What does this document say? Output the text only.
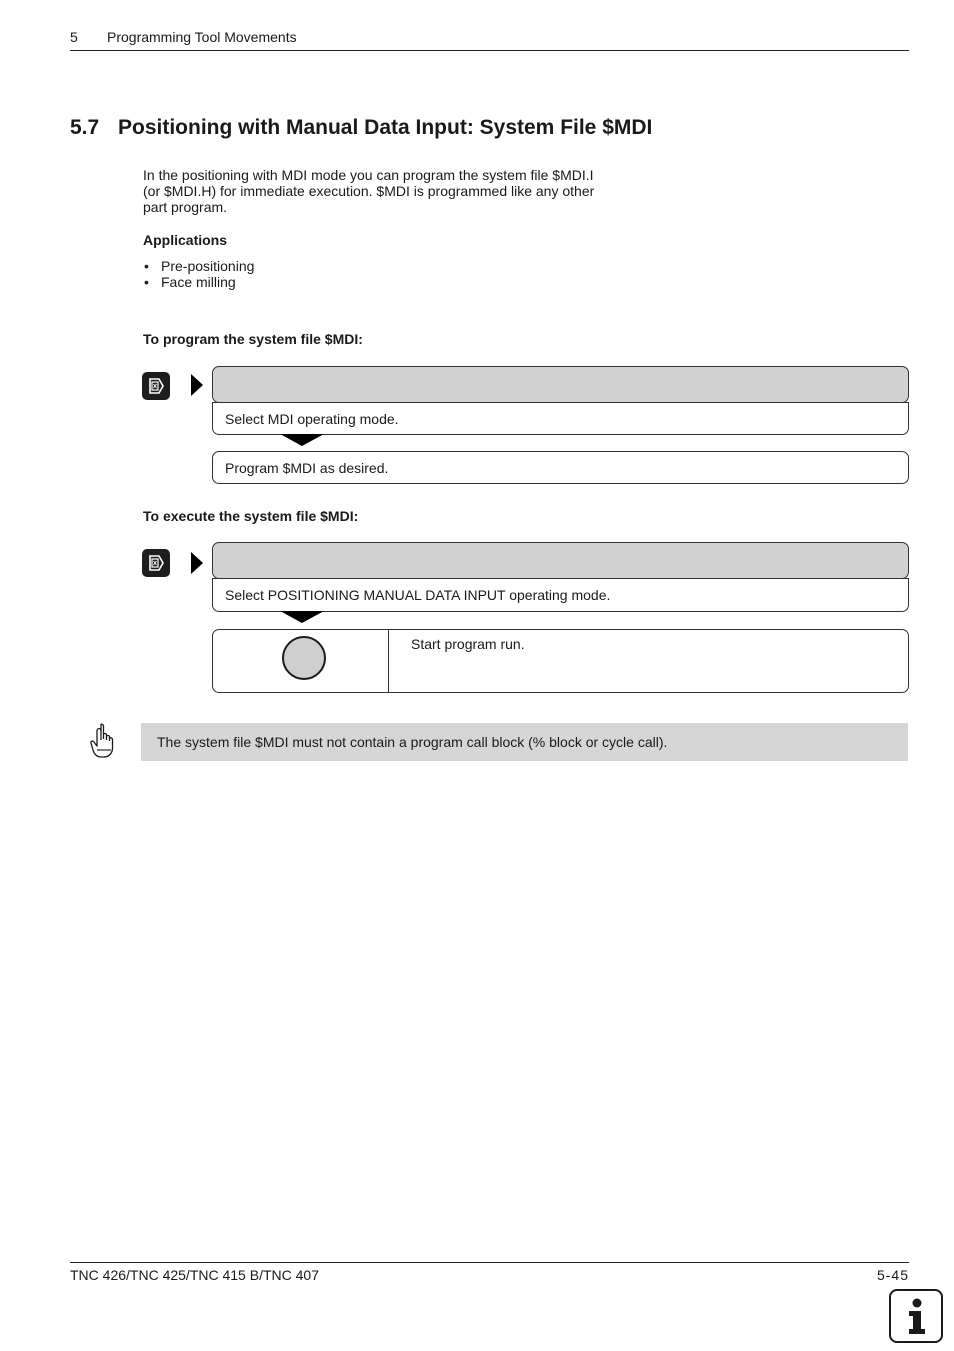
5 Programming Tool Movements
5.7 Positioning with Manual Data Input: System File $MDI
In the positioning with MDI mode you can program the system file $MDI.I
(or $MDI.H) for immediate execution. $MDI is programmed like any other
part program.
Applications
• Pre-positioning
• Face milling
To program the system file $MDI:
Select MDI operating mode.
Program $MDI as desired.
To execute the system file $MDI:
Select POSITIONING MANUAL DATA INPUT operating mode.
Start program run.
The system file $MDI must not contain a program call block (% block or cycle call).
TNC 426/TNC 425/TNC 415 B/TNC 407	5-45
